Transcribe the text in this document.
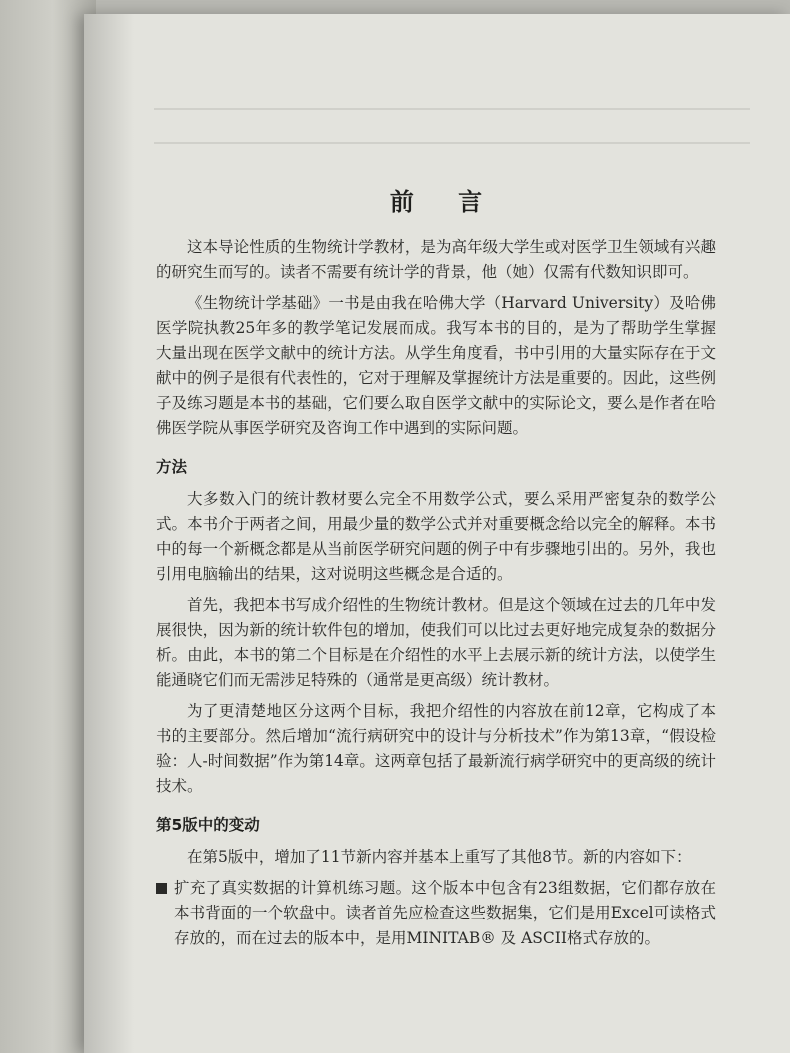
前 言

这本导论性质的生物统计学教材，是为高年级大学生或对医学卫生领域有兴趣的研究生而写的。读者不需要有统计学的背景，他（她）仅需有代数知识即可。

《生物统计学基础》一书是由我在哈佛大学（Harvard University）及哈佛医学院执教25年多的教学笔记发展而成。我写本书的目的，是为了帮助学生掌握大量出现在医学文献中的统计方法。从学生角度看，书中引用的大量实际存在于文献中的例子是很有代表性的，它对于理解及掌握统计方法是重要的。因此，这些例子及练习题是本书的基础，它们要么取自医学文献中的实际论文，要么是作者在哈佛医学院从事医学研究及咨询工作中遇到的实际问题。

方法

大多数入门的统计教材要么完全不用数学公式，要么采用严密复杂的数学公式。本书介于两者之间，用最少量的数学公式并对重要概念给以完全的解释。本书中的每一个新概念都是从当前医学研究问题的例子中有步骤地引出的。另外，我也引用电脑输出的结果，这对说明这些概念是合适的。

首先，我把本书写成介绍性的生物统计教材。但是这个领域在过去的几年中发展很快，因为新的统计软件包的增加，使我们可以比过去更好地完成复杂的数据分析。由此，本书的第二个目标是在介绍性的水平上去展示新的统计方法，以使学生能通晓它们而无需涉足特殊的（通常是更高级）统计教材。

为了更清楚地区分这两个目标，我把介绍性的内容放在前12章，它构成了本书的主要部分。然后增加“流行病研究中的设计与分析技术”作为第13章，“假设检验：人-时间数据”作为第14章。这两章包括了最新流行病学研究中的更高级的统计技术。

第5版中的变动

在第5版中，增加了11节新内容并基本上重写了其他8节。新的内容如下：

扩充了真实数据的计算机练习题。这个版本中包含有23组数据，它们都存放在本书背面的一个软盘中。读者首先应检查这些数据集，它们是用Excel可读格式存放的，而在过去的版本中，是用MINITAB® 及 ASCII格式存放的。
